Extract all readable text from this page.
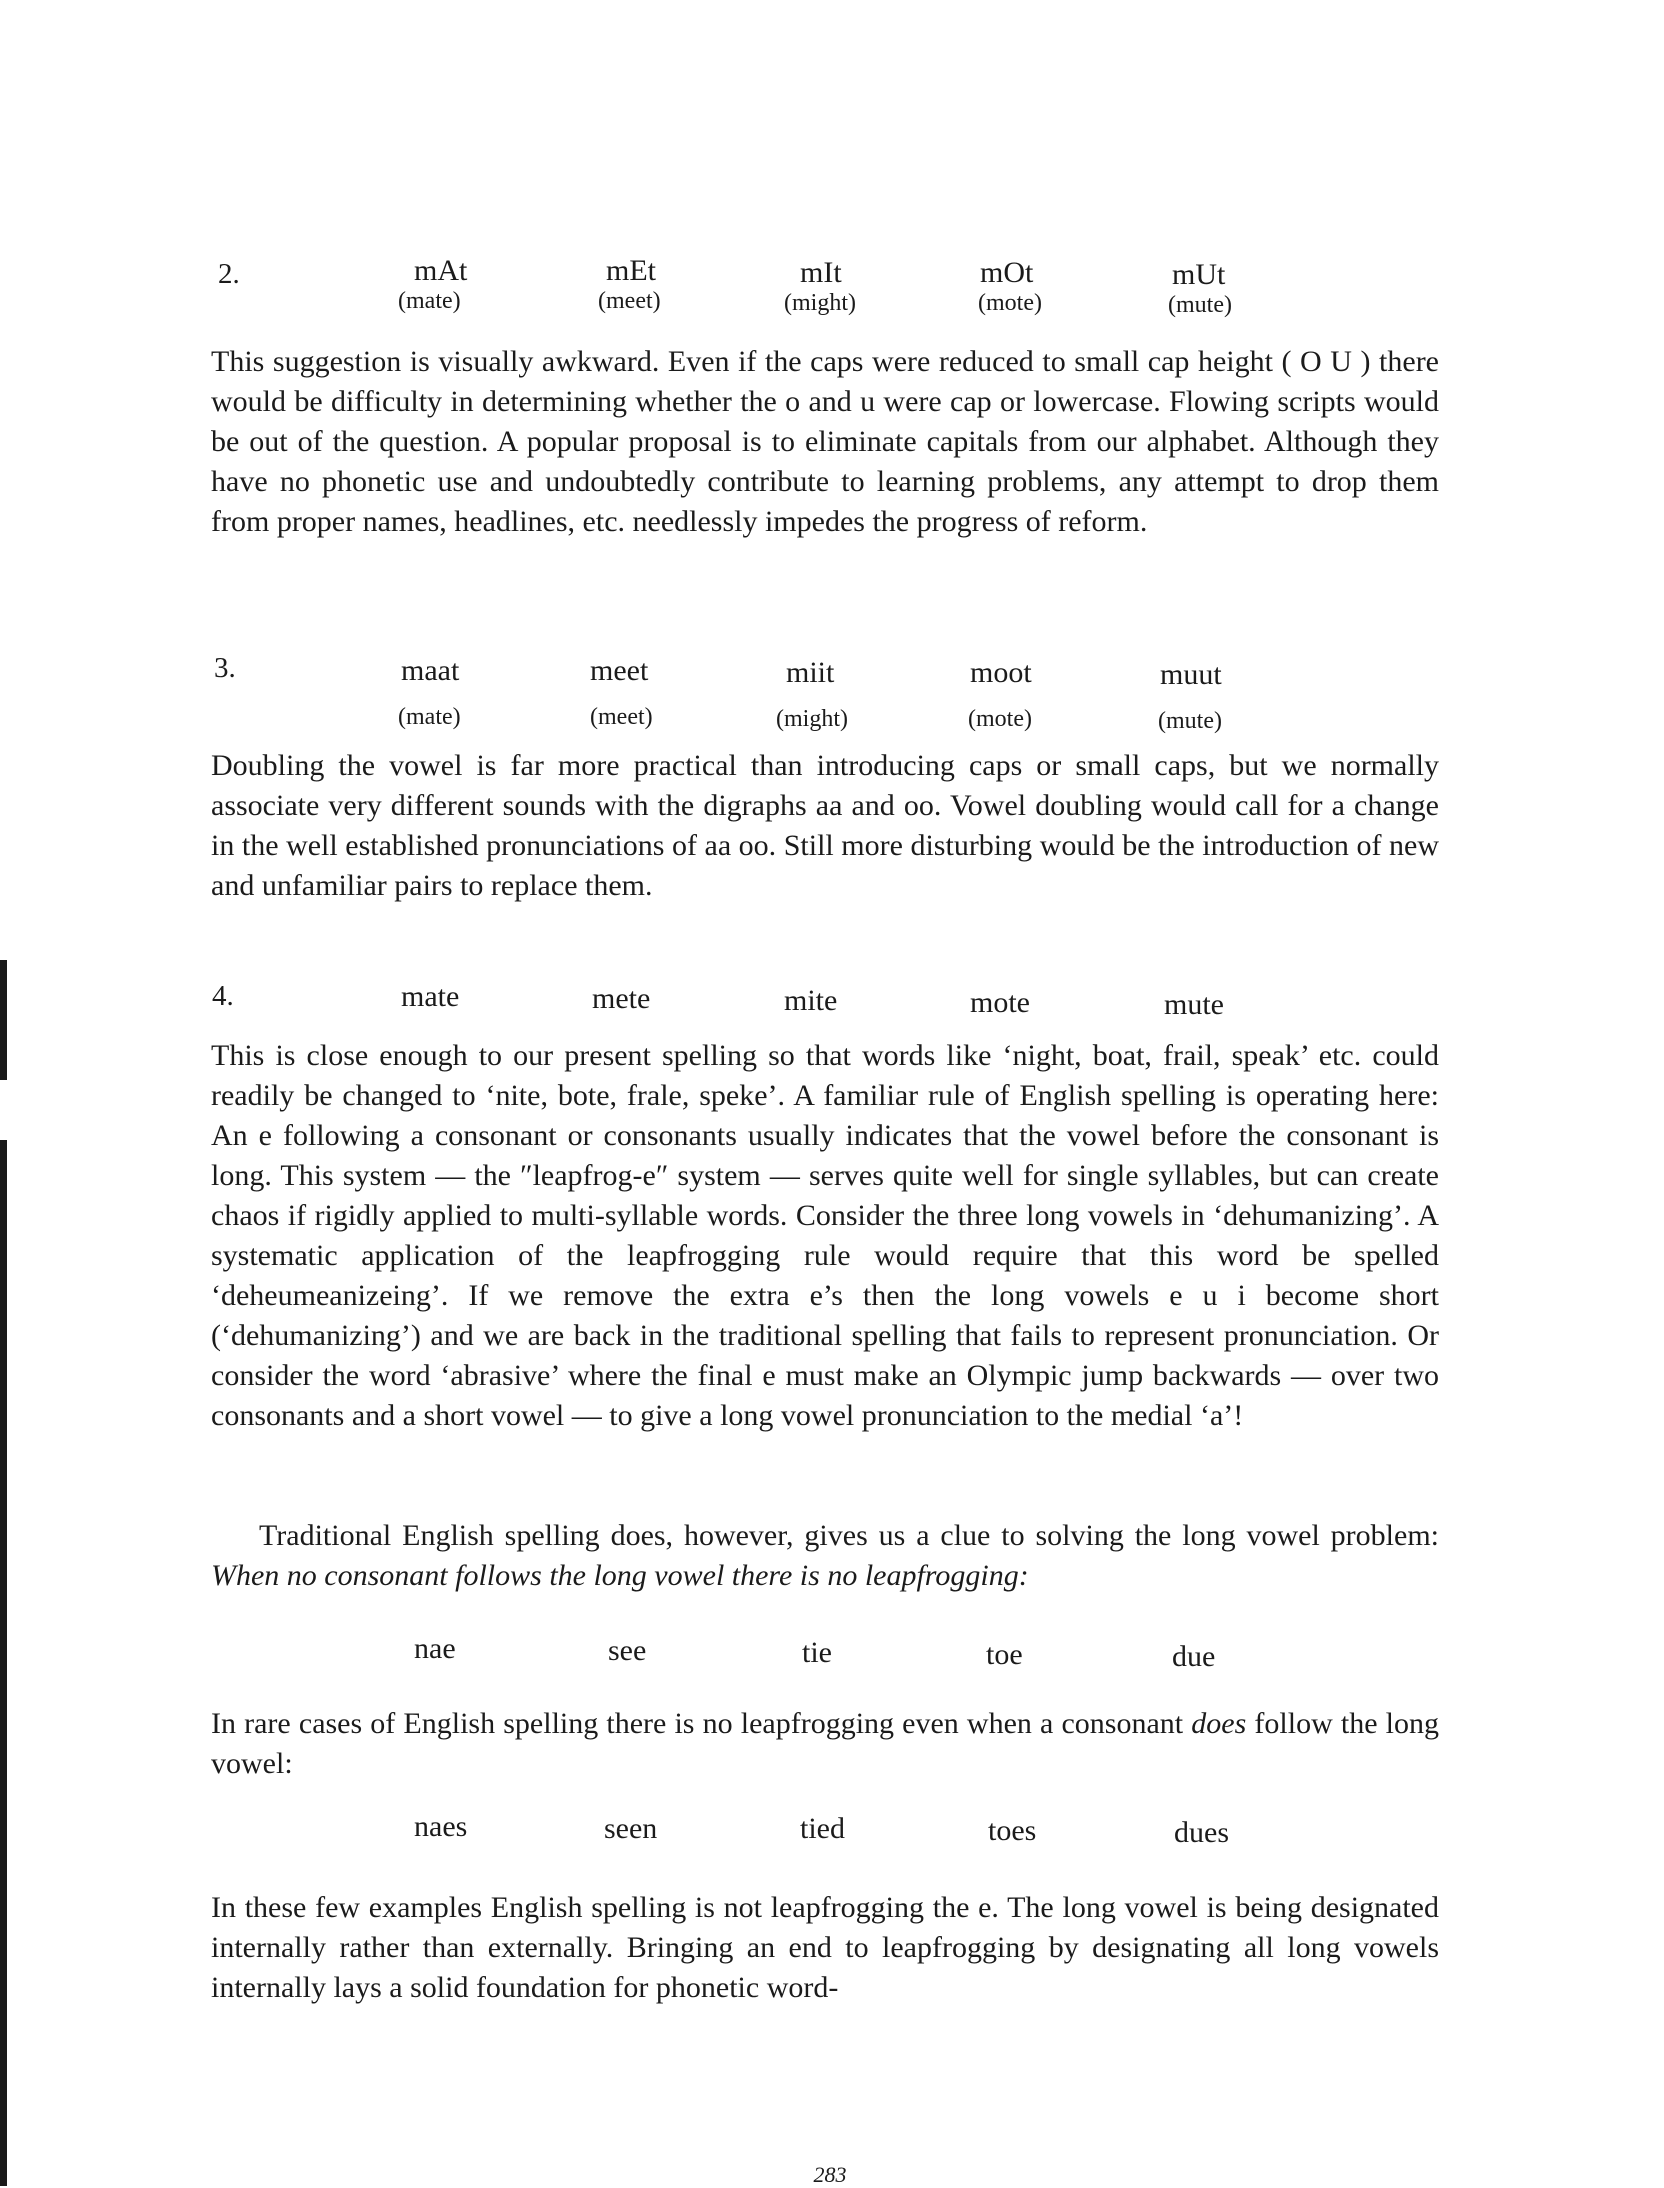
2.	mAt	mEt	mIt	mOt	mUt
(mate)	(meet)	(might)	(mote)	(mute)

This suggestion is visually awkward. Even if the caps were reduced to small cap height ( O U ) there would be difficulty in determining whether the o and u were cap or lowercase. Flowing scripts would be out of the question. A popular proposal is to eliminate capitals from our alphabet. Although they have no phonetic use and undoubtedly contribute to learning problems, any attempt to drop them from proper names, headlines, etc. needlessly impedes the progress of reform.

3.	maat	meet	miit	moot	muut
(mate)	(meet)	(might)	(mote)	(mute)

Doubling the vowel is far more practical than introducing caps or small caps, but we normally associate very different sounds with the digraphs aa and oo. Vowel doubling would call for a change in the well established pronunciations of aa oo. Still more disturbing would be the introduction of new and unfamiliar pairs to replace them.

4.	mate	mete	mite	mote	mute

This is close enough to our present spelling so that words like ‘night, boat, frail, speak’ etc. could readily be changed to ‘nite, bote, frale, speke’. A familiar rule of English spelling is operating here: An e following a consonant or consonants usually indicates that the vowel before the consonant is long. This system — the ″leapfrog-e″ system — serves quite well for single syllables, but can create chaos if rigidly applied to multi-syllable words. Consider the three long vowels in ‘dehumanizing’. A systematic application of the leapfrogging rule would require that this word be spelled ‘deheumeanizeing’. If we remove the extra e’s then the long vowels e u i become short (‘dehumanizing’) and we are back in the traditional spelling that fails to represent pronunciation. Or consider the word ‘abrasive’ where the final e must make an Olympic jump backwards — over two consonants and a short vowel — to give a long vowel pronunciation to the medial ‘a’!

Traditional English spelling does, however, gives us a clue to solving the long vowel problem: When no consonant follows the long vowel there is no leapfrogging:

nae	see	tie	toe	due

In rare cases of English spelling there is no leapfrogging even when a consonant does follow the long vowel:

naes	seen	tied	toes	dues

In these few examples English spelling is not leapfrogging the e. The long vowel is being designated internally rather than externally. Bringing an end to leapfrogging by designating all long vowels internally lays a solid foundation for phonetic word-

283
